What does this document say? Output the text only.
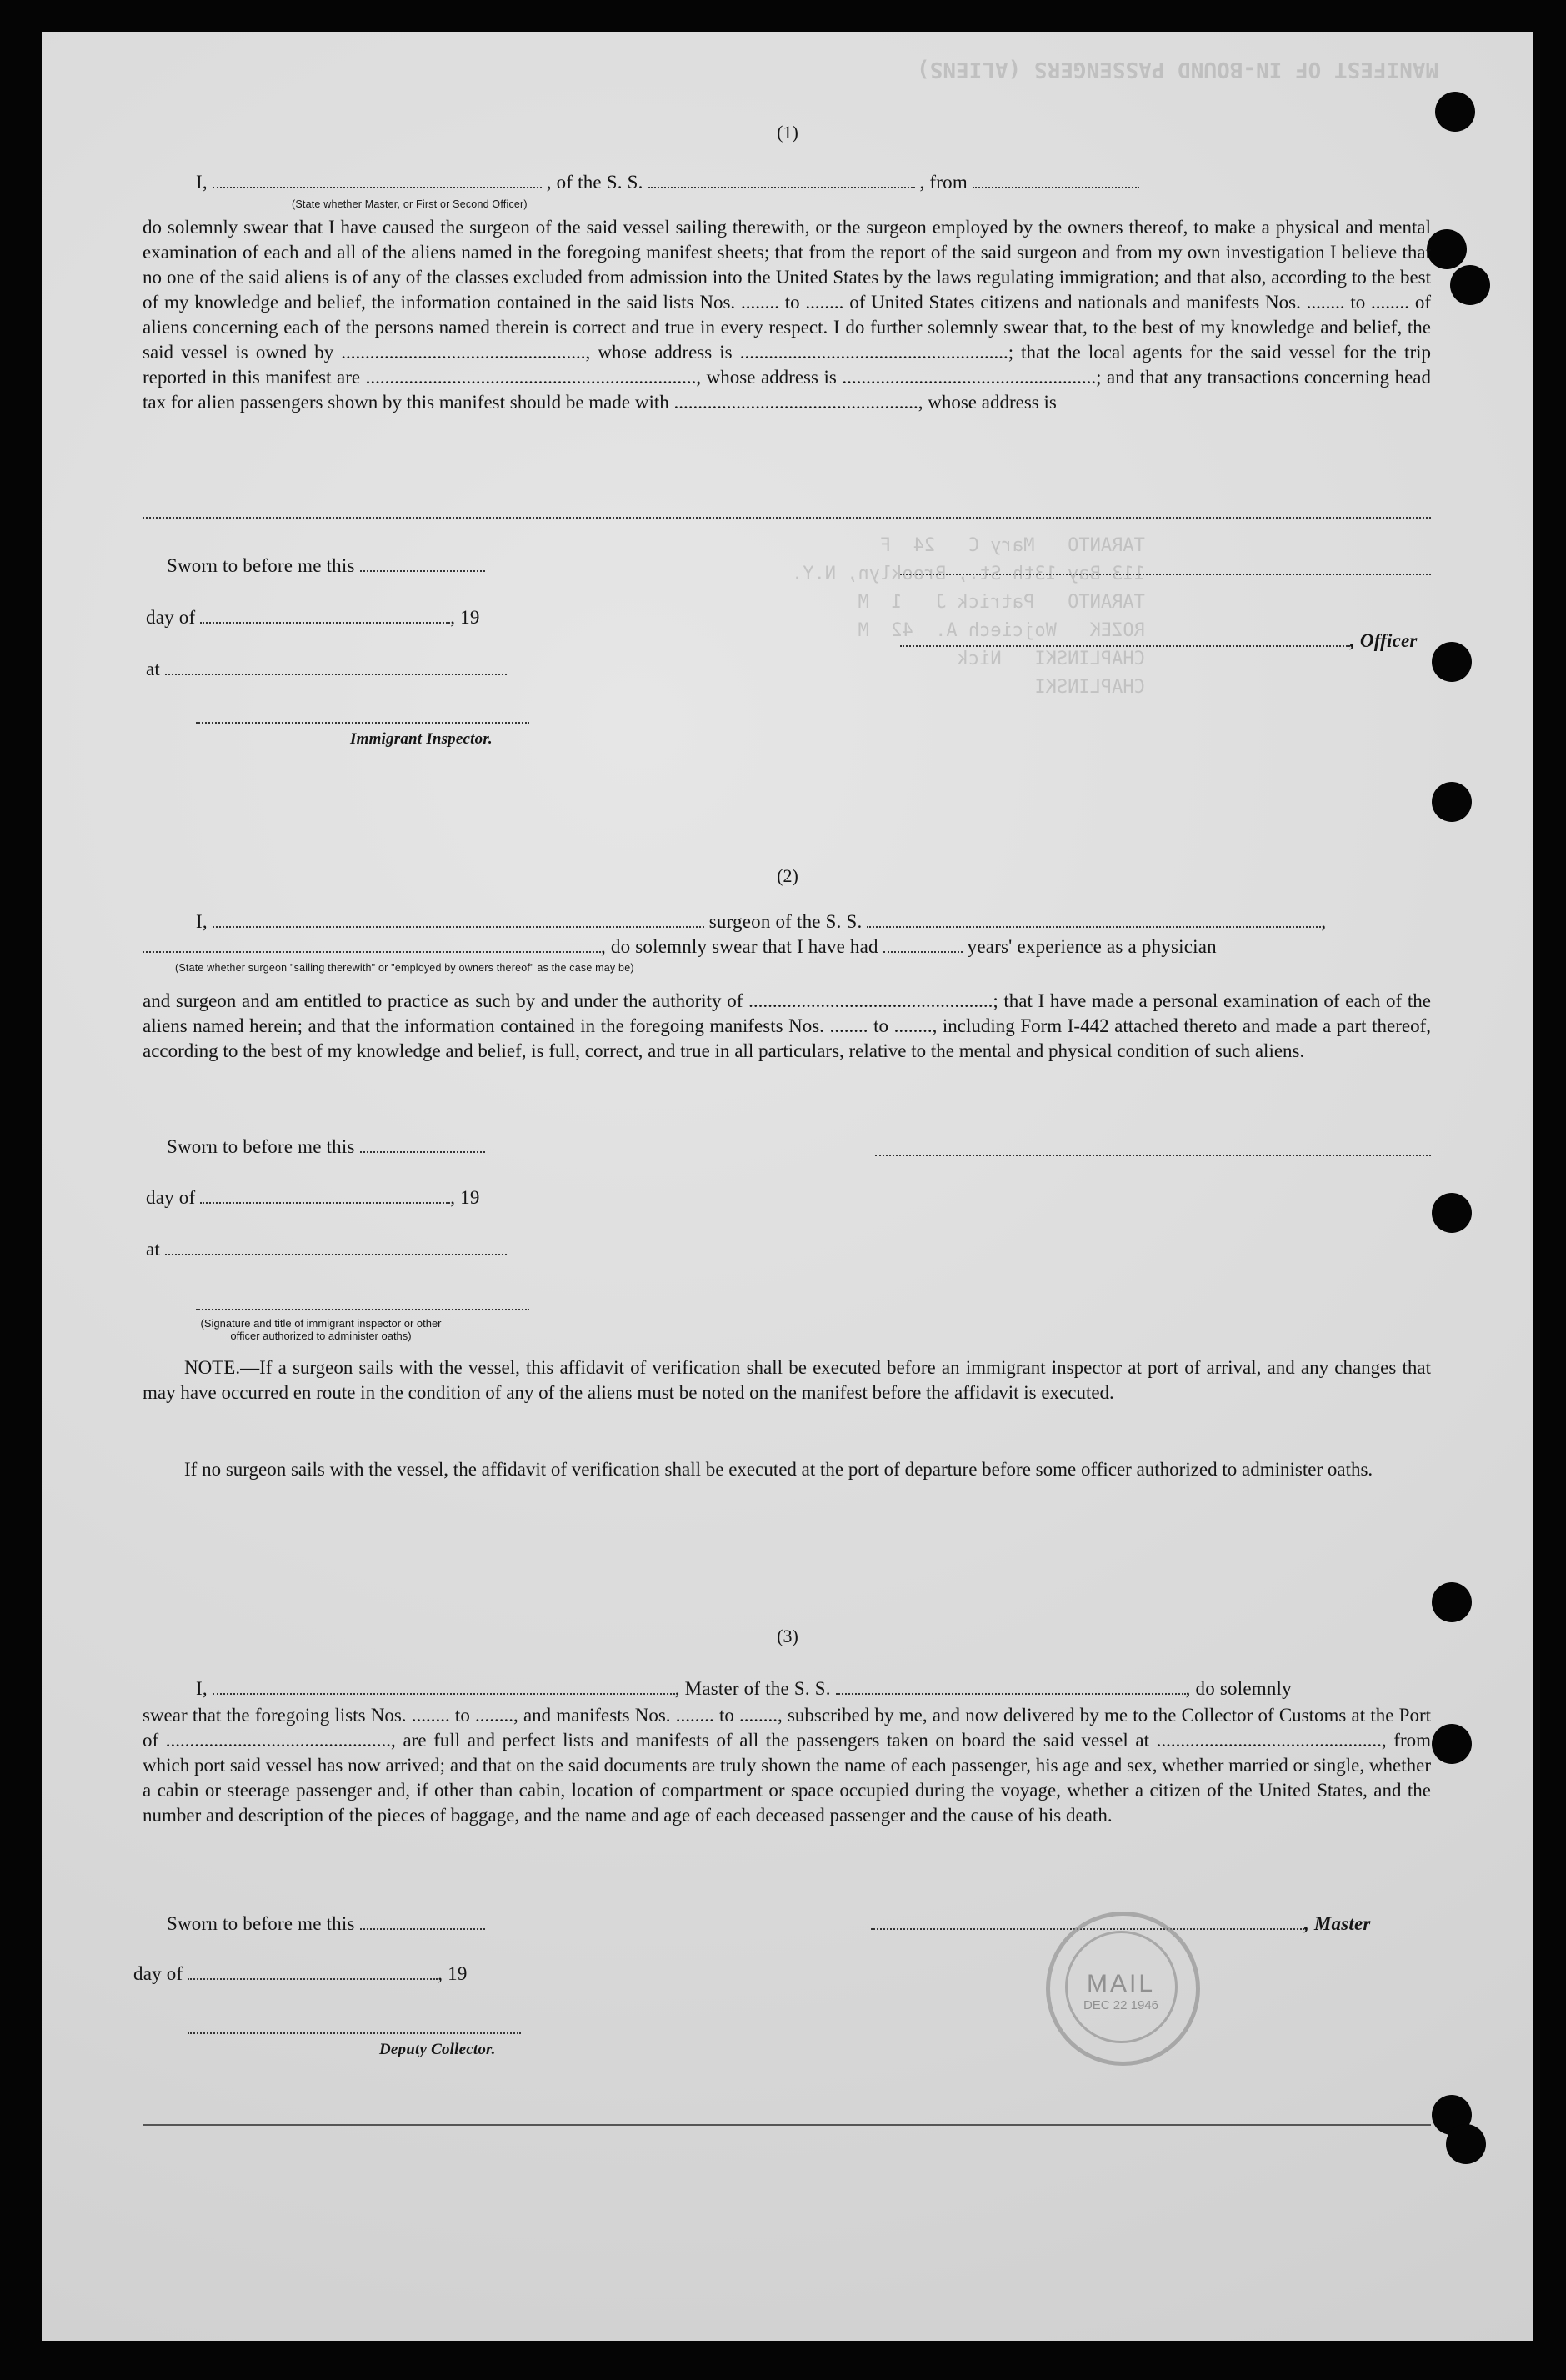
MANIFEST OF IN-BOUND PASSENGERS (ALIENS)
TARANTO   Mary C   24  F
113 Bay 13th St., Brooklyn, N.Y.
TARANTO   Patrick J   1  M
ROZEK   Wojciech A.  42  M
CHAPLINSKI   Nick
CHAPLINSKI
(1)
I,	, of the S. S.	, from
(State whether Master, or First or Second Officer)
do solemnly swear that I have caused the surgeon of the said vessel sailing therewith, or the surgeon employed by the owners thereof, to make a physical and mental examination of each and all of the aliens named in the foregoing manifest sheets; that from the report of the said surgeon and from my own investigation I believe that no one of the said aliens is of any of the classes excluded from admission into the United States by the laws regulating immigration; and that also, according to the best of my knowledge and belief, the information contained in the said lists Nos. ........ to ........ of United States citizens and nationals and manifests Nos. ........ to ........ of aliens concerning each of the persons named therein is correct and true in every respect. I do further solemnly swear that, to the best of my knowledge and belief, the said vessel is owned by ..................................................., whose address is ........................................................; that the local agents for the said vessel for the trip reported in this manifest are ....................................................................., whose address is .....................................................; and that any transactions concerning head tax for alien passengers shown by this manifest should be made with ..................................................., whose address is
Sworn to before me this
day of	, 19
, Officer
at
Immigrant Inspector.
(2)
I,	surgeon of the S. S.	,
, do solemnly swear that I have had	years' experience as a physician
(State whether surgeon "sailing therewith" or "employed by owners thereof" as the case may be)
and surgeon and am entitled to practice as such by and under the authority of ...................................................; that I have made a personal examination of each of the aliens named herein; and that the information contained in the foregoing manifests Nos. ........ to ........, including Form I-442 attached thereto and made a part thereof, according to the best of my knowledge and belief, is full, correct, and true in all particulars, relative to the mental and physical condition of such aliens.
Sworn to before me this
day of	, 19
at
(Signature and title of immigrant inspector or other officer authorized to administer oaths)
NOTE.—If a surgeon sails with the vessel, this affidavit of verification shall be executed before an immigrant inspector at port of arrival, and any changes that may have occurred en route in the condition of any of the aliens must be noted on the manifest before the affidavit is executed.
If no surgeon sails with the vessel, the affidavit of verification shall be executed at the port of departure before some officer authorized to administer oaths.
(3)
I,	, Master of the S. S.	, do solemnly
swear that the foregoing lists Nos. ........ to ........, and manifests Nos. ........ to ........, subscribed by me, and now delivered by me to the Collector of Customs at the Port of ..............................................., are full and perfect lists and manifests of all the passengers taken on board the said vessel at ..............................................., from which port said vessel has now arrived; and that on the said documents are truly shown the name of each passenger, his age and sex, whether married or single, whether a cabin or steerage passenger and, if other than cabin, location of compartment or space occupied during the voyage, whether a citizen of the United States, and the number and description of the pieces of baggage, and the name and age of each deceased passenger and the cause of his death.
Sworn to before me this	, Master
day of	, 19
Deputy Collector.
MAIL
DEC 22 1946
